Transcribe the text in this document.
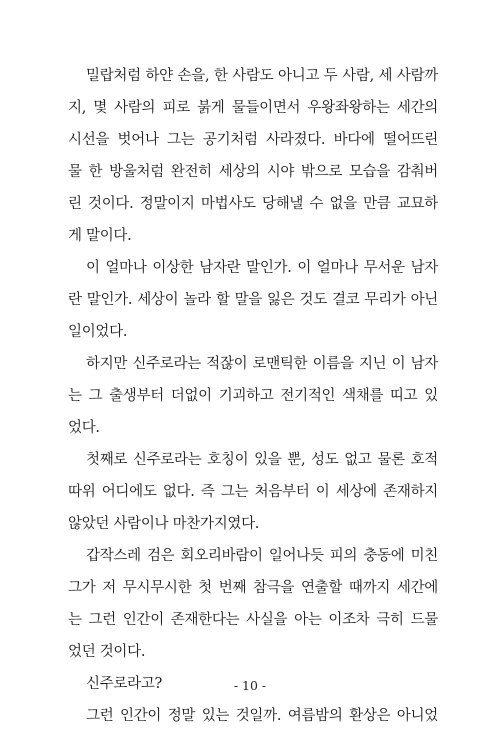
밀랍처럼 하얀 손을, 한 사람도 아니고 두 사람, 세 사람까
지, 몇 사람의 피로 붉게 물들이면서 우왕좌왕하는 세간의
시선을 벗어나 그는 공기처럼 사라졌다. 바다에 떨어뜨린
물 한 방울처럼 완전히 세상의 시야 밖으로 모습을 감춰버
린 것이다. 정말이지 마법사도 당해낼 수 없을 만큼 교묘하
게 말이다.
이 얼마나 이상한 남자란 말인가. 이 얼마나 무서운 남자
란 말인가. 세상이 놀라 할 말을 잃은 것도 결코 무리가 아닌
일이었다.
하지만 신주로라는 적잖이 로맨틱한 이름을 지닌 이 남자
는 그 출생부터 더없이 기괴하고 전기적인 색채를 띠고 있
었다.
첫째로 신주로라는 호칭이 있을 뿐, 성도 없고 물론 호적
따위 어디에도 없다. 즉 그는 처음부터 이 세상에 존재하지
않았던 사람이나 마찬가지였다.
갑작스레 검은 회오리바람이 일어나듯 피의 충동에 미친
그가 저 무시무시한 첫 번째 참극을 연출할 때까지 세간에
는 그런 인간이 존재한다는 사실을 아는 이조차 극히 드물
었던 것이다.
신주로라고?
그런 인간이 정말 있는 것일까. 여름밤의 환상은 아니었
- 10 -
